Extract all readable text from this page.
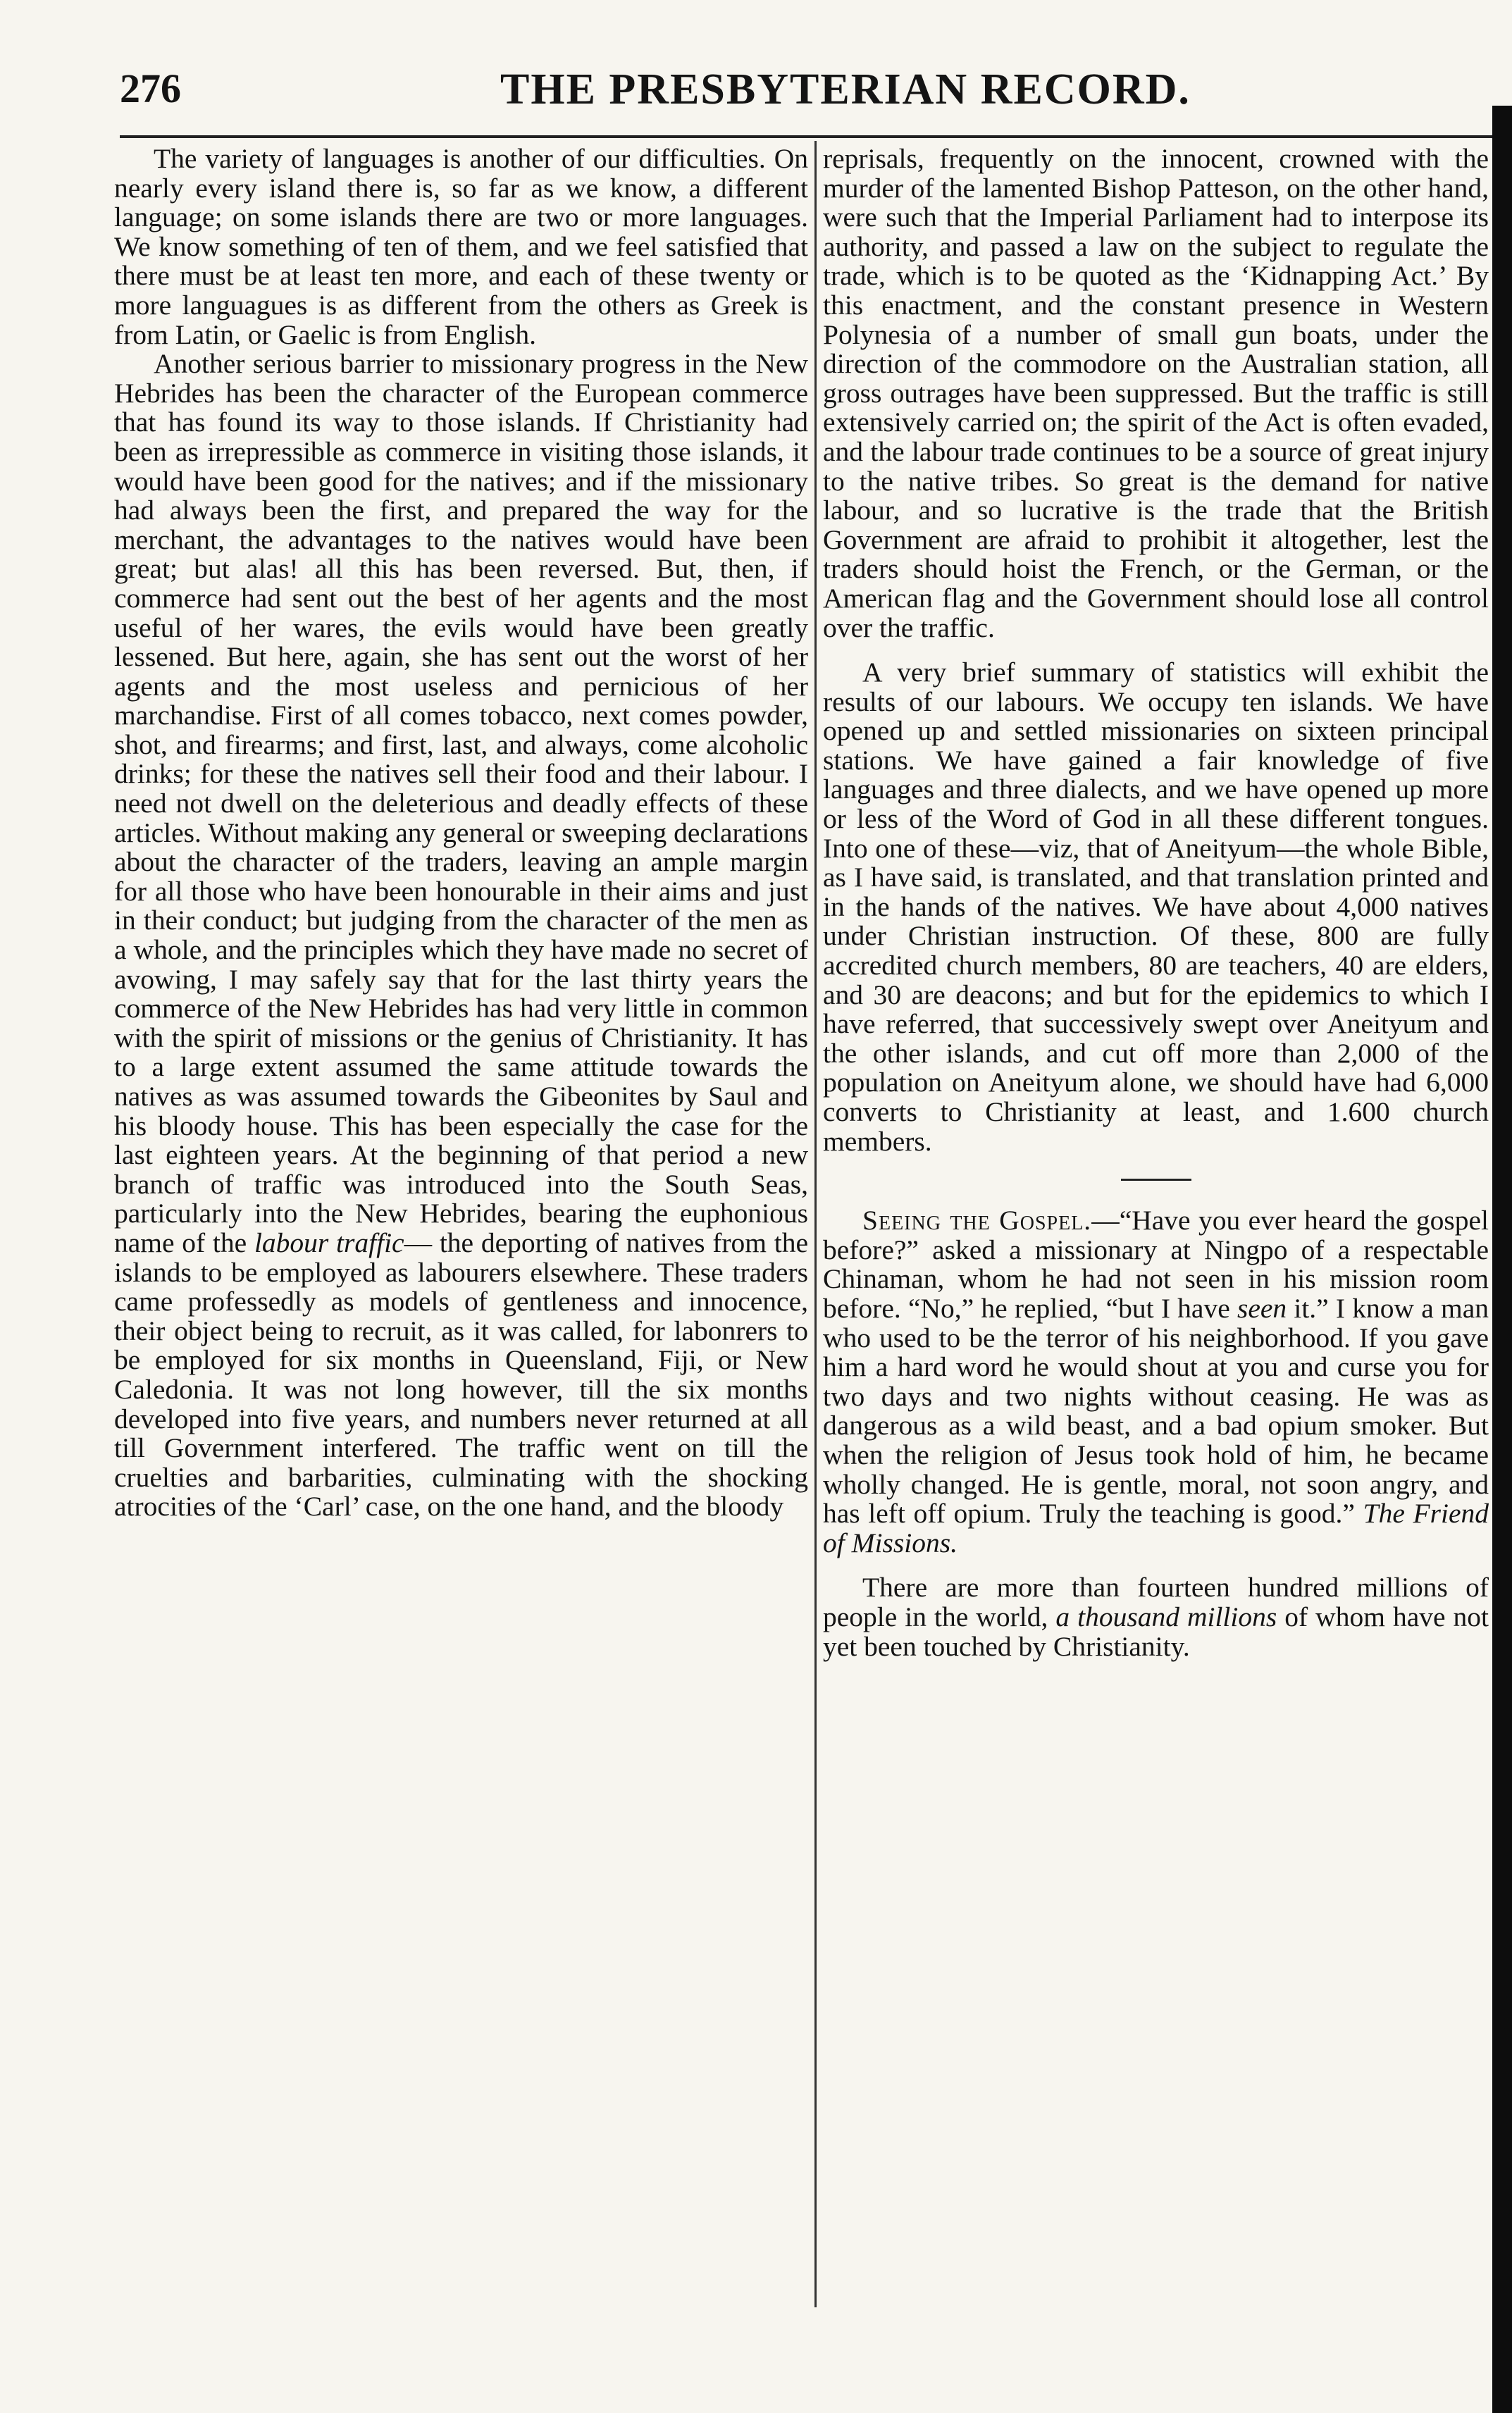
276	THE PRESBYTERIAN RECORD.

The variety of languages is another of our difficulties. On nearly every island there is, so far as we know, a different language; on some islands there are two or more languages. We know something of ten of them, and we feel satisfied that there must be at least ten more, and each of these twenty or more languagues is as different from the others as Greek is from Latin, or Gaelic is from English.

Another serious barrier to missionary progress in the New Hebrides has been the character of the European commerce that has found its way to those islands. If Christianity had been as irrepressible as commerce in visiting those islands, it would have been good for the natives; and if the missionary had always been the first, and prepared the way for the merchant, the advantages to the natives would have been great; but alas! all this has been reversed. But, then, if commerce had sent out the best of her agents and the most useful of her wares, the evils would have been greatly lessened. But here, again, she has sent out the worst of her agents and the most useless and pernicious of her marchandise. First of all comes tobacco, next comes powder, shot, and firearms; and first, last, and always, come alcoholic drinks; for these the natives sell their food and their labour. I need not dwell on the deleterious and deadly effects of these articles. Without making any general or sweeping declarations about the character of the traders, leaving an ample margin for all those who have been honourable in their aims and just in their conduct; but judging from the character of the men as a whole, and the principles which they have made no secret of avowing, I may safely say that for the last thirty years the commerce of the New Hebrides has had very little in common with the spirit of missions or the genius of Christianity. It has to a large extent assumed the same attitude towards the natives as was assumed towards the Gibeonites by Saul and his bloody house. This has been especially the case for the last eighteen years. At the beginning of that period a new branch of traffic was introduced into the South Seas, particularly into the New Hebrides, bearing the euphonious name of the labour traffic— the deporting of natives from the islands to be employed as labourers elsewhere. These traders came professedly as models of gentleness and innocence, their object being to recruit, as it was called, for labonrers to be employed for six months in Queensland, Fiji, or New Caledonia. It was not long however, till the six months developed into five years, and numbers never returned at all till Government interfered. The traffic went on till the cruelties and barbarities, culminating with the shocking atrocities of the ‘Carl’ case, on the one hand, and the bloody

reprisals, frequently on the innocent, crowned with the murder of the lamented Bishop Patteson, on the other hand, were such that the Imperial Parliament had to interpose its authority, and passed a law on the subject to regulate the trade, which is to be quoted as the ‘Kidnapping Act.’ By this enactment, and the constant presence in Western Polynesia of a number of small gun boats, under the direction of the commodore on the Australian station, all gross outrages have been suppressed. But the traffic is still extensively carried on; the spirit of the Act is often evaded, and the labour trade continues to be a source of great injury to the native tribes. So great is the demand for native labour, and so lucrative is the trade that the British Government are afraid to prohibit it altogether, lest the traders should hoist the French, or the German, or the American flag and the Government should lose all control over the traffic.

A very brief summary of statistics will exhibit the results of our labours. We occupy ten islands. We have opened up and settled missionaries on sixteen principal stations. We have gained a fair knowledge of five languages and three dialects, and we have opened up more or less of the Word of God in all these different tongues. Into one of these—viz, that of Aneityum—the whole Bible, as I have said, is translated, and that translation printed and in the hands of the natives. We have about 4,000 natives under Christian instruction. Of these, 800 are fully accredited church members, 80 are teachers, 40 are elders, and 30 are deacons; and but for the epidemics to which I have referred, that successively swept over Aneityum and the other islands, and cut off more than 2,000 of the population on Aneityum alone, we should have had 6,000 converts to Christianity at least, and 1.600 church members.

Seeing the Gospel.—“Have you ever heard the gospel before?” asked a missionary at Ningpo of a respectable Chinaman, whom he had not seen in his mission room before. “No,” he replied, “but I have seen it.” I know a man who used to be the terror of his neighborhood. If you gave him a hard word he would shout at you and curse you for two days and two nights without ceasing. He was as dangerous as a wild beast, and a bad opium smoker. But when the religion of Jesus took hold of him, he became wholly changed. He is gentle, moral, not soon angry, and has left off opium. Truly the teaching is good.” The Friend of Missions.

There are more than fourteen hundred millions of people in the world, a thousand millions of whom have not yet been touched by Christianity.
